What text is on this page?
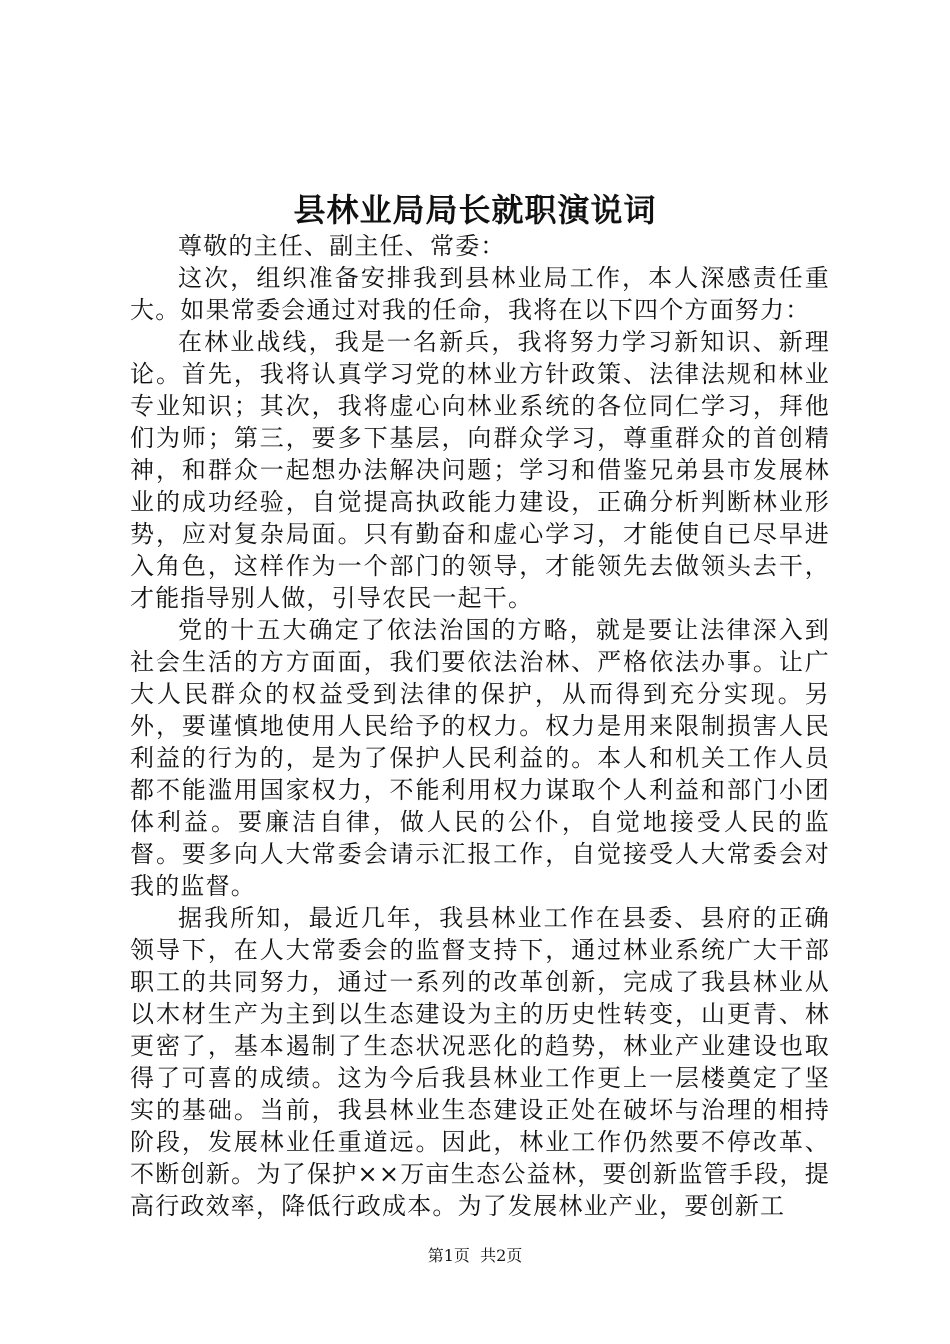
县林业局局长就职演说词

尊敬的主任、副主任、常委：

这次，组织准备安排我到县林业局工作，本人深感责任重大。如果常委会通过对我的任命，我将在以下四个方面努力：

在林业战线，我是一名新兵，我将努力学习新知识、新理论。首先，我将认真学习党的林业方针政策、法律法规和林业专业知识；其次，我将虚心向林业系统的各位同仁学习，拜他们为师；第三，要多下基层，向群众学习，尊重群众的首创精神，和群众一起想办法解决问题；学习和借鉴兄弟县市发展林业的成功经验，自觉提高执政能力建设，正确分析判断林业形势，应对复杂局面。只有勤奋和虚心学习，才能使自已尽早进入角色，这样作为一个部门的领导，才能领先去做领头去干，才能指导别人做，引导农民一起干。

党的十五大确定了依法治国的方略，就是要让法律深入到社会生活的方方面面，我们要依法治林、严格依法办事。让广大人民群众的权益受到法律的保护，从而得到充分实现。另外，要谨慎地使用人民给予的权力。权力是用来限制损害人民利益的行为的，是为了保护人民利益的。本人和机关工作人员都不能滥用国家权力，不能利用权力谋取个人利益和部门小团体利益。要廉洁自律，做人民的公仆，自觉地接受人民的监督。要多向人大常委会请示汇报工作，自觉接受人大常委会对我的监督。

据我所知，最近几年，我县林业工作在县委、县府的正确领导下，在人大常委会的监督支持下，通过林业系统广大干部职工的共同努力，通过一系列的改革创新，完成了我县林业从以木材生产为主到以生态建设为主的历史性转变，山更青、林更密了，基本遏制了生态状况恶化的趋势，林业产业建设也取得了可喜的成绩。这为今后我县林业工作更上一层楼奠定了坚实的基础。当前，我县林业生态建设正处在破坏与治理的相持阶段，发展林业任重道远。因此，林业工作仍然要不停改革、不断创新。为了保护××万亩生态公益林，要创新监管手段，提高行政效率，降低行政成本。为了发展林业产业，要创新工

第1页  共2页
